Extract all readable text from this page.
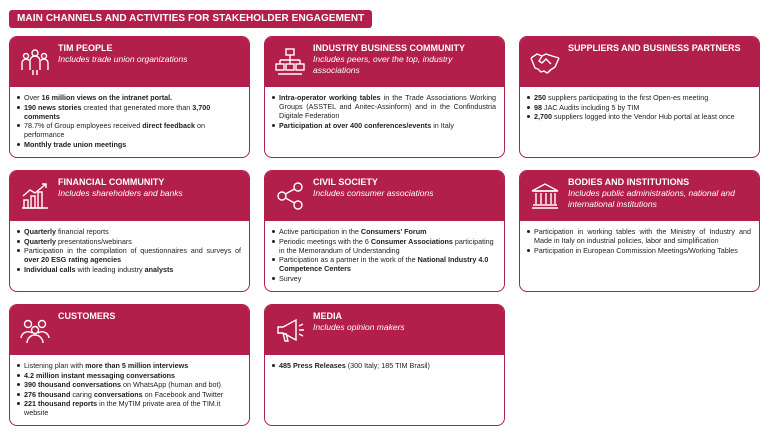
MAIN CHANNELS AND ACTIVITIES FOR STAKEHOLDER ENGAGEMENT
TIM PEOPLE
Includes trade union organizations
Over 16 million views on the intranet portal.
190 news stories created that generated more than 3,700 comments
78.7% of Group employees received direct feedback on performance
Monthly trade union meetings
INDUSTRY BUSINESS COMMUNITY
Includes peers, over the top, industry associations
Intra-operator working tables in the Trade Associations Working Groups (ASSTEL and Anitec-Assinform) and in the Confindustria Digitale Federation
Participation at over 400 conferences/events in Italy
SUPPLIERS AND BUSINESS PARTNERS
250 suppliers participating to the first Open-es meeting
98 JAC Audits including 5 by TIM
2,700 suppliers logged into the Vendor Hub portal at least once
FINANCIAL COMMUNITY
Includes shareholders and banks
Quarterly financial reports
Quarterly presentations/webinars
Participation in the compilation of questionnaires and surveys of over 20 ESG rating agencies
Individual calls with leading industry analysts
CIVIL SOCIETY
Includes consumer associations
Active participation in the Consumers' Forum
Periodic meetings with the 6 Consumer Associations participating in the Memorandum of Understanding
Participation as a partner in the work of the National Industry 4.0 Competence Centers
Survey
BODIES AND INSTITUTIONS
Includes public administrations, national and international institutions
Participation in working tables with the Ministry of Industry and Made in Italy on industrial policies, labor and simplification
Participation in European Commission Meetings/Working Tables
CUSTOMERS
Listening plan with more than 5 million interviews
4.2 million instant messaging conversations
390 thousand conversations on WhatsApp (human and bot)
276 thousand caring conversations on Facebook and Twitter
221 thousand reports in the MyTIM private area of the TIM.it website
MEDIA
Includes opinion makers
485 Press Releases (300 Italy; 185 TIM Brasil)
